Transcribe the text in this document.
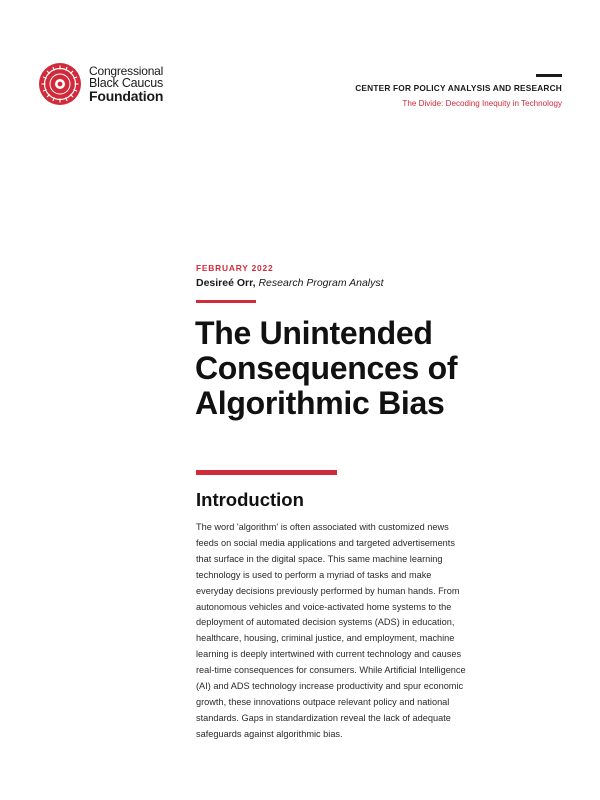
Congressional
Black Caucus
Foundation
CENTER FOR POLICY ANALYSIS AND RESEARCH
The Divide: Decoding Inequity in Technology
FEBRUARY 2022
Desireé Orr, Research Program Analyst
The Unintended
Consequences of
Algorithmic Bias
Introduction
The word 'algorithm' is often associated with customized news
feeds on social media applications and targeted advertisements
that surface in the digital space. This same machine learning
technology is used to perform a myriad of tasks and make
everyday decisions previously performed by human hands. From
autonomous vehicles and voice-activated home systems to the
deployment of automated decision systems (ADS) in education,
healthcare, housing, criminal justice, and employment, machine
learning is deeply intertwined with current technology and causes
real-time consequences for consumers. While Artificial Intelligence
(AI) and ADS technology increase productivity and spur economic
growth, these innovations outpace relevant policy and national
standards. Gaps in standardization reveal the lack of adequate
safeguards against algorithmic bias.
